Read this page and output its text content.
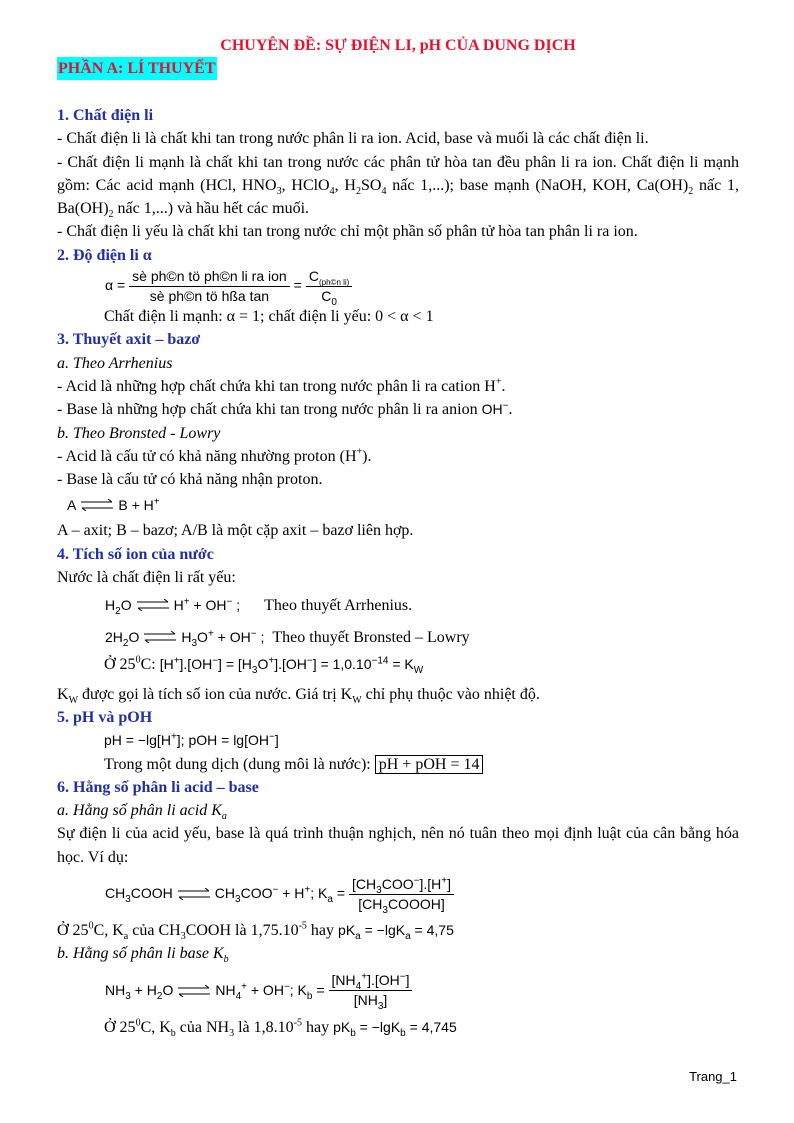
CHUYÊN ĐỀ: SỰ ĐIỆN LI, pH CỦA DUNG DỊCH
PHẦN A: LÍ THUYẾT

1. Chất điện li

- Chất điện li là chất khi tan trong nước phân li ra ion. Acid, base và muối là các chất điện li.

- Chất điện li mạnh là chất khi tan trong nước các phân tử hòa tan đều phân li ra ion. Chất điện li mạnh gồm: Các acid mạnh (HCl, $HNO_3$, HClO$_4$, $H_2SO_4$ nấc 1,...); base mạnh (NaOH, KOH, $Ca(OH)_2$ nấc 1, $Ba(OH)_2$ nấc 1,...) và hầu hết các muối.

- Chất điện li yếu là chất khi tan trong nước chỉ một phần số phân tử hòa tan phân li ra ion.

2. Độ điện li α

$\alpha = \frac{\text{sè ph©n tö ph©n li ra ion}}{\text{sè ph©n tö hßa tan}} = \frac{C_{(ph©n li)}}{C_0}$

Chất điện li mạnh: α = 1; chất điện li yếu: 0 < α < 1

3. Thuyết axit – bazơ

a. Theo Arrhenius

- Acid là những hợp chất chứa khi tan trong nước phân li ra cation H+.

- Base là những hợp chất chứa khi tan trong nước phân li ra anion OH−.

b. Theo Bronsted - Lowry

- Acid là cấu tử có khả năng nhường proton (H+).

- Base là cấu tử có khả năng nhận proton.

A ⇌ B + H+

A – axit; B – bazơ; A/B là một cặp axit – bazơ liên hợp.

4. Tích số ion của nước

Nước là chất điện li rất yếu:

$H_2O$ ⇌ H+ + OH− ; Theo thuyết Arrhenius.
$2H_2O$ ⇌ $H_3O^+ + OH^-$ ; Theo thuyết Bronsted – Lowry

Ở $25^0C$: $[H^+].[OH^-] = [H_3O^+].[OH^-] = 1,0.10^{-14} = K_W$

$K_W$ được gọi là tích số ion của nước. Giá trị $K_W$ chỉ phụ thuộc vào nhiệt độ.

5. pH và pOH

pH = −lg[H+]; pOH = lg[OH−]

Trong một dung dịch (dung môi là nước): pH + pOH = 14

6. Hằng số phân li acid – base

a. Hằng số phân li acid $K_a$

Sự điện li của acid yếu, base là quá trình thuận nghịch, nên nó tuân theo mọi định luật của cân bằng hóa học. Ví dụ:

$CH_3COOH$ ⇌ $CH_3COO^- + H^+$; $K_a = \frac{[CH_3COO^-].[H^+]}{[CH_3COOOH]}$

Ở $25^0C$, $K_a$ của $CH_3COOH$ là $1,75.10^{-5}$ hay $pK_a = -\lg K_a = 4,75$

b. Hằng số phân li base $K_b$

$NH_3 + H_2O$ ⇌ $NH_4^+ + OH^-$; $K_b = \frac{[NH_4^+].[OH^-]}{[NH_3]}$

Ở $25^0C$, $K_b$ của $NH_3$ là $1,8.10^{-5}$ hay $pK_b = -\lg K_b = 4,745$

Trang_1
